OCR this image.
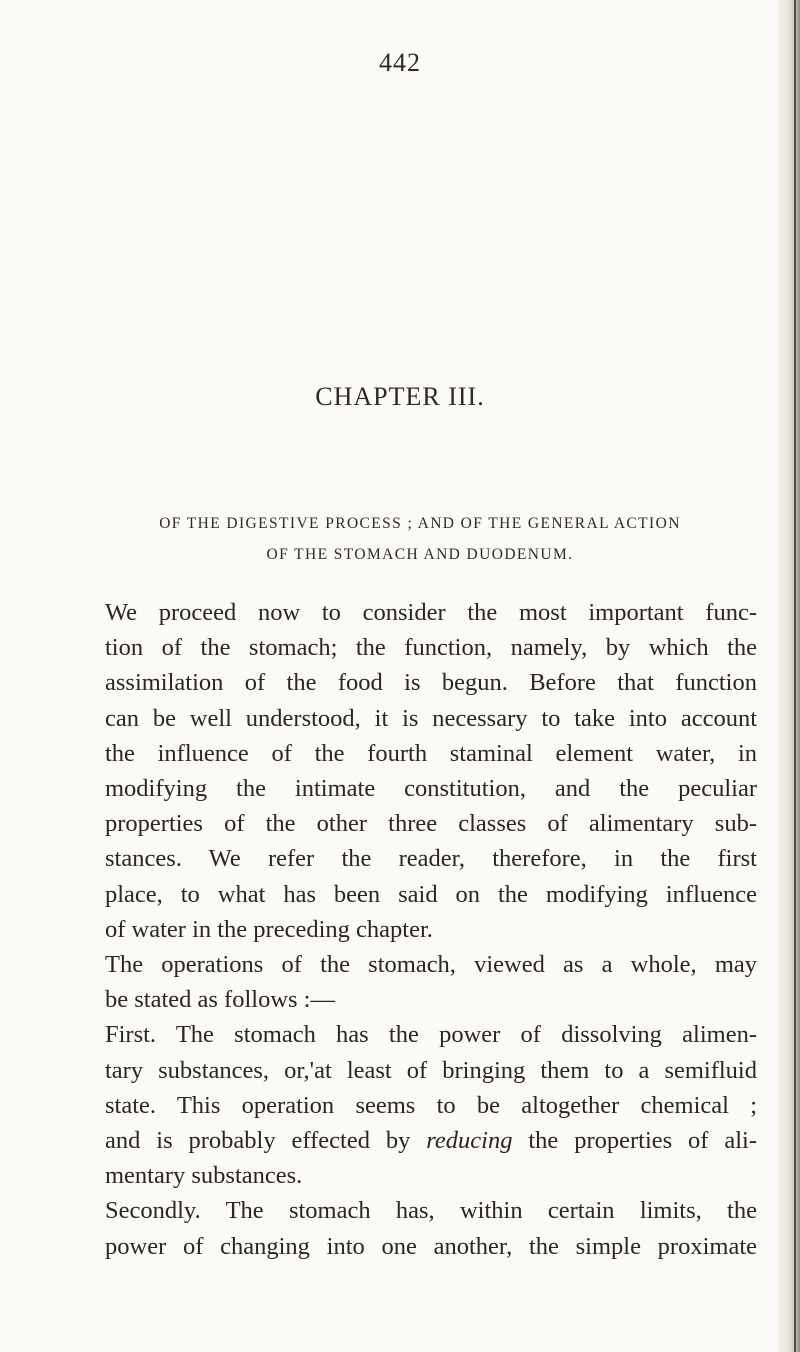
442
CHAPTER III.
OF THE DIGESTIVE PROCESS ; AND OF THE GENERAL ACTION
OF THE STOMACH AND DUODENUM.
We proceed now to consider the most important func-
tion of the stomach; the function, namely, by which the
assimilation of the food is begun. Before that function
can be well understood, it is necessary to take into account
the influence of the fourth staminal element water, in
modifying the intimate constitution, and the peculiar
properties of the other three classes of alimentary sub-
stances. We refer the reader, therefore, in the first
place, to what has been said on the modifying influence
of water in the preceding chapter.
The operations of the stomach, viewed as a whole, may
be stated as follows :—
First. The stomach has the power of dissolving alimen-
tary substances, or,'at least of bringing them to a semifluid
state. This operation seems to be altogether chemical ;
and is probably effected by reducing the properties of ali-
mentary substances.
Secondly. The stomach has, within certain limits, the
power of changing into one another, the simple proximate
